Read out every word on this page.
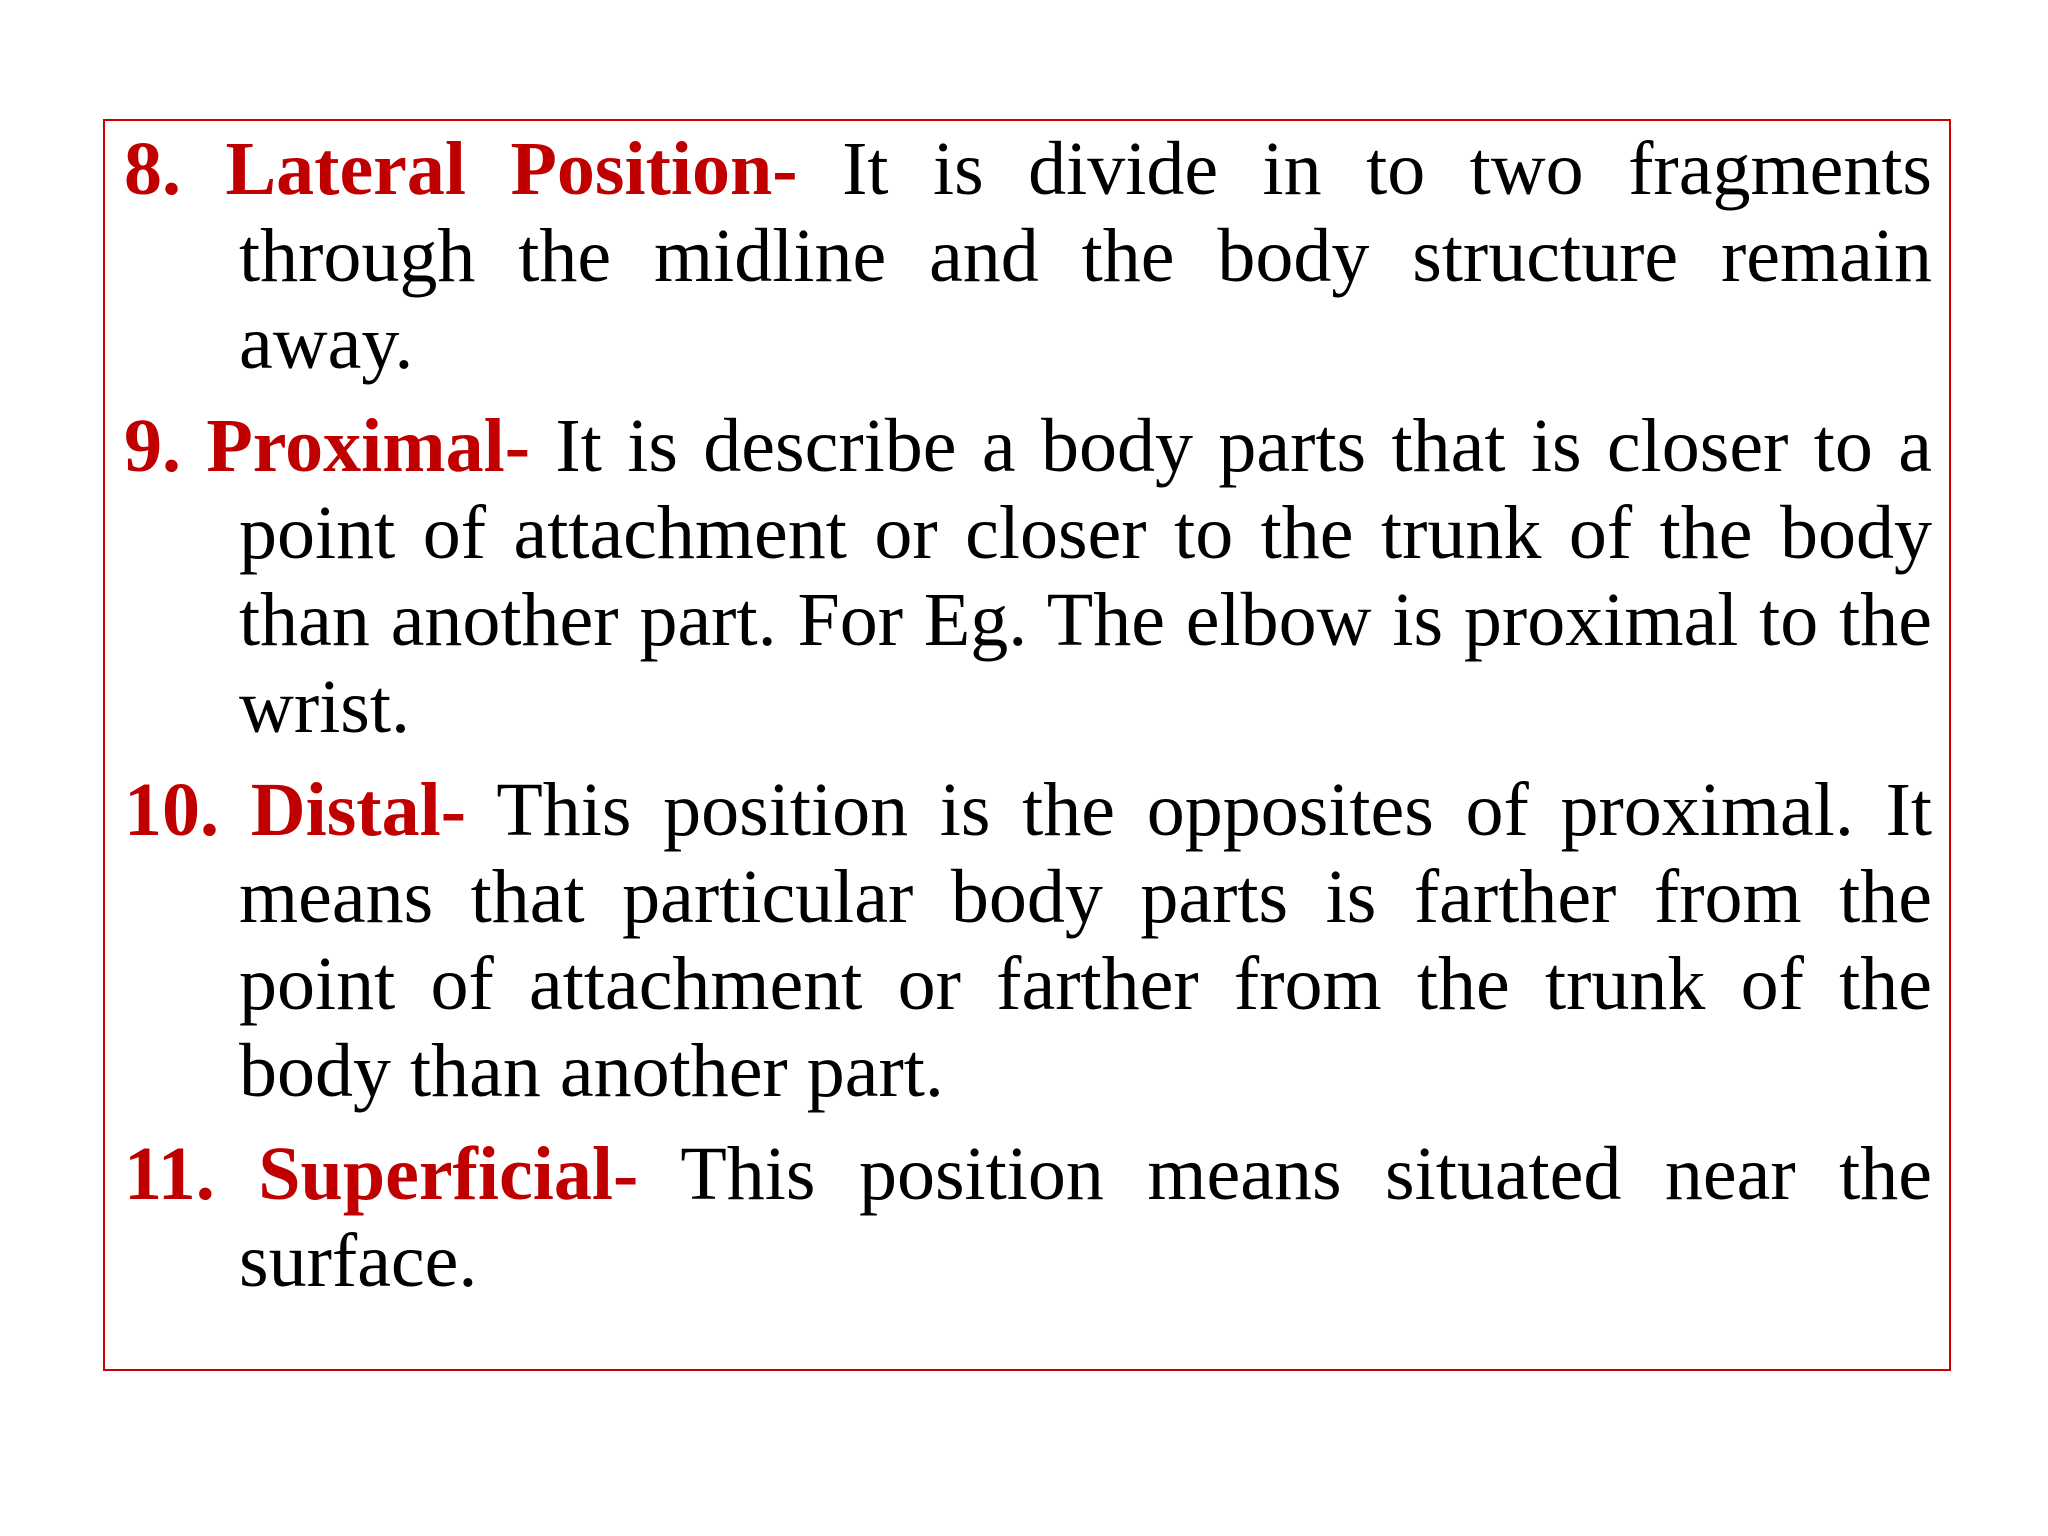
8. Lateral Position- It is divide in to two fragments through the midline and the body structure remain away.
9. Proximal- It is describe a body parts that is closer to a point of attachment or closer to the trunk of the body than another part. For Eg. The elbow is proximal to the wrist.
10. Distal- This position is the opposites of proximal. It means that particular body parts is farther from the point of attachment or farther from the trunk of the body than another part.
11. Superficial- This position means situated near the surface.
